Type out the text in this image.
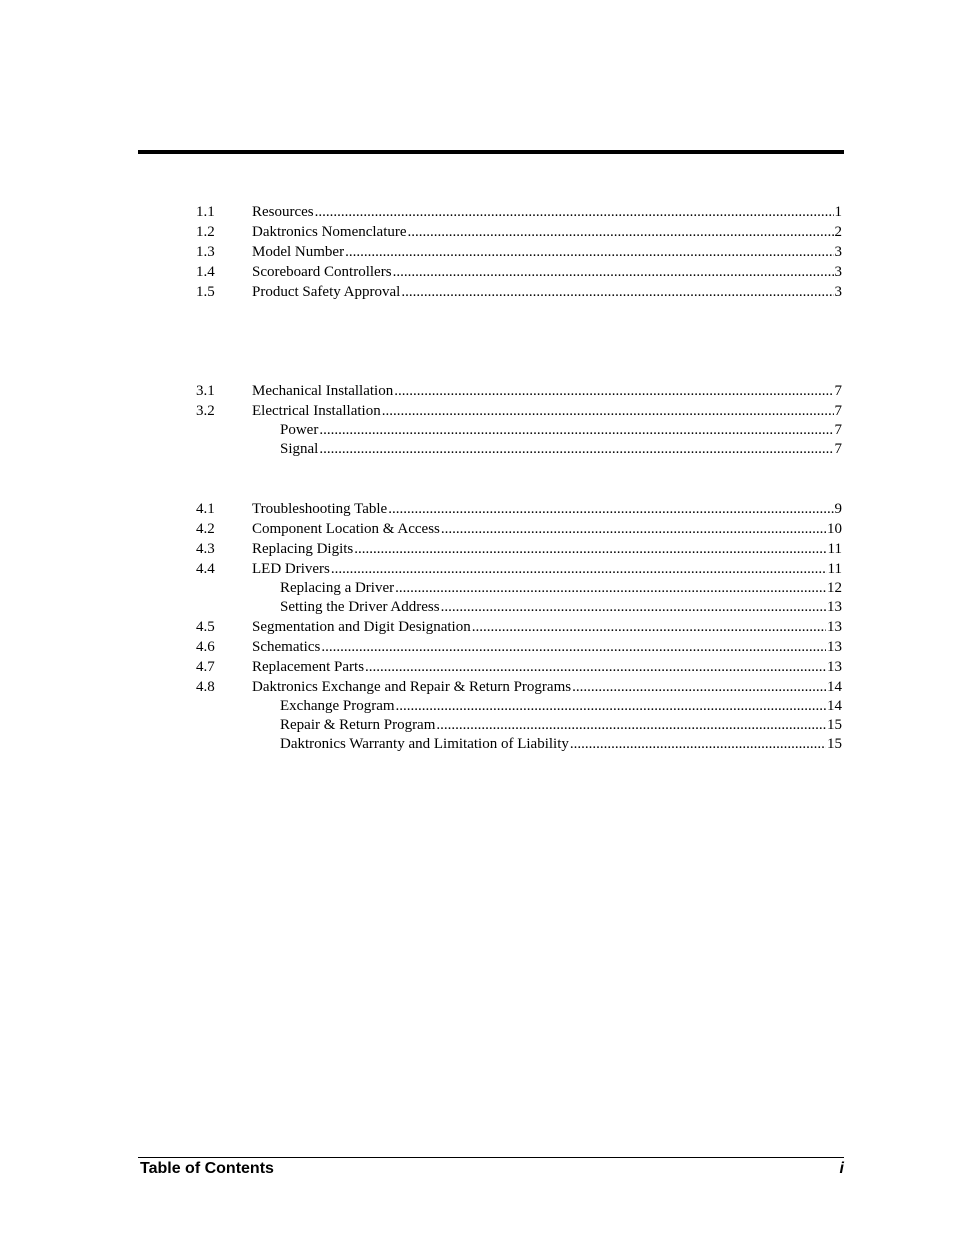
1.1	Resources .....	1
1.2	Daktronics Nomenclature .....	2
1.3	Model Number .....	3
1.4	Scoreboard Controllers .....	3
1.5	Product Safety Approval .....	3
3.1	Mechanical Installation .....	7
3.2	Electrical Installation .....	7
Power .....	7
Signal .....	7
4.1	Troubleshooting Table .....	9
4.2	Component Location & Access .....	10
4.3	Replacing Digits .....	11
4.4	LED Drivers .....	11
Replacing a Driver .....	12
Setting the Driver Address .....	13
4.5	Segmentation and Digit Designation .....	13
4.6	Schematics .....	13
4.7	Replacement Parts .....	13
4.8	Daktronics Exchange and Repair & Return Programs .....	14
Exchange Program .....	14
Repair & Return Program .....	15
Daktronics Warranty and Limitation of Liability .....	15
Table of Contents	i
